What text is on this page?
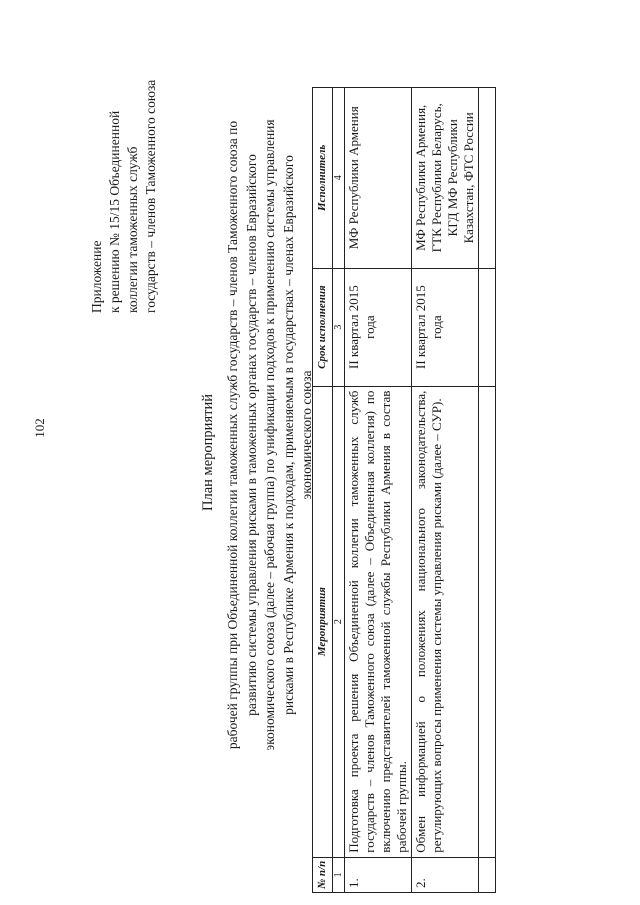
102
Приложение к решению № 15/15 Объединенной коллегии таможенных служб государств – членов Таможенного союза
План мероприятий рабочей группы при Объединенной коллегии таможенных служб государств – членов Таможенного союза по развитию системы управления рисками в таможенных органах государств – членов Евразийского экономического союза (далее – рабочая группа) по унификации подходов к применению системы управления рисками в Республике Армения к подходам, применяемым в государствах – членах Евразийского экономического союза
№ п/п	Мероприятия	Срок исполнения	Исполнитель
1	2	3	4
1.	Подготовка проекта решения Объединенной коллегии таможенных служб государств – членов Таможенного союза (далее – Объединенная коллегия) по включению представителей таможенной службы Республики Армения в состав рабочей группы.	II квартал 2015 года	МФ Республики Армения
2.	Обмен информацией о положениях национального законодательства, регулирующих вопросы применения системы управления рисками (далее – СУР).	II квартал 2015 года	МФ Республики Армения, ГТК Республики Беларусь, КГД МФ Республики Казахстан, ФТС России
